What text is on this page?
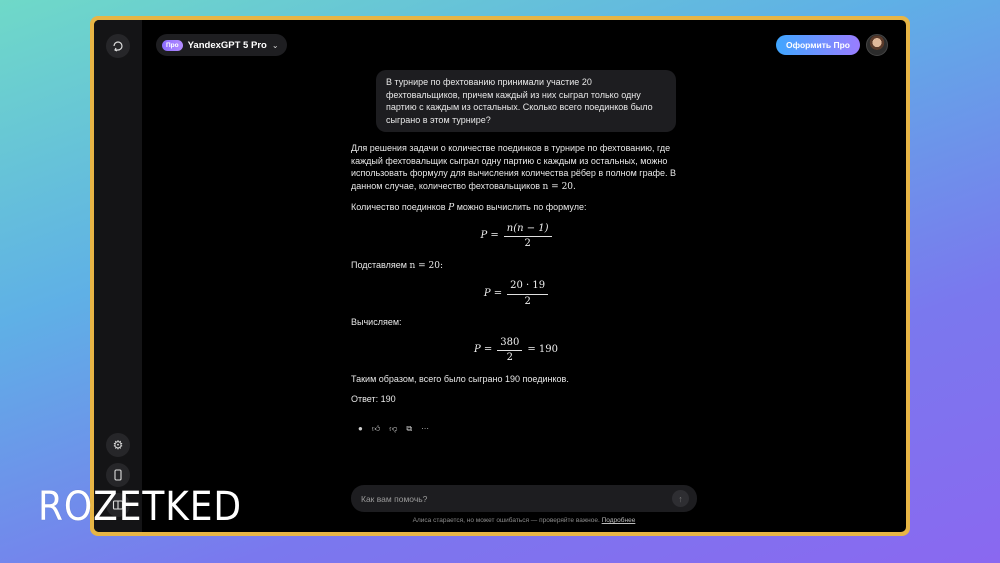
⚙
Про YandexGPT 5 Pro ⌄	Оформить Про
В турнире по фехтованию принимали участие 20 фехтовальщиков, причем каждый из них сыграл только одну партию с каждым из остальных. Сколько всего поединков было сыграно в этом турнире?

Для решения задачи о количестве поединков в турнире по фехтованию, где каждый фехтовальщик сыграл одну партию с каждым из остальных, можно использовать формулу для вычисления количества рёбер в полном графе. В данном случае, количество фехтовальщиков n = 20.

Количество поединков P можно вычислить по формуле:

$P = \frac{n(n - 1)}{2}$

Подставляем n = 20:

$P = \frac{20 \cdot 19}{2}$

Вычисляем:

$P = \frac{380}{2} = 190$

Таким образом, всего было сыграно 190 поединков.

Ответ: 190

● 👍︎ 👎︎ ⧉ ···
Как вам помочь?
↑
Алиса старается, но может ошибаться — проверяйте важное. Подробнее
ROZETKED
